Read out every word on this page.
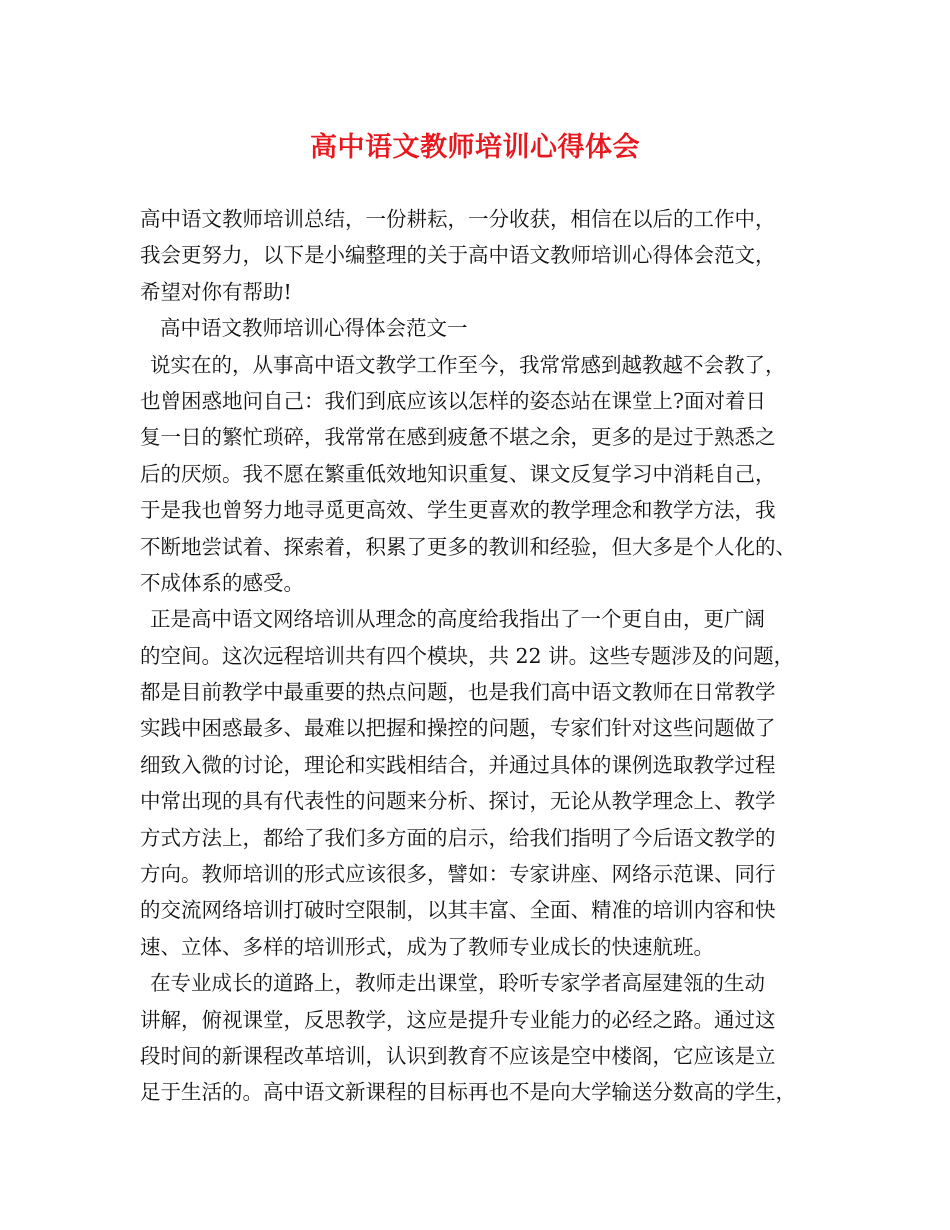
高中语文教师培训心得体会
高中语文教师培训总结，一份耕耘，一分收获，相信在以后的工作中，
我会更努力，以下是小编整理的关于高中语文教师培训心得体会范文，
希望对你有帮助!
高中语文教师培训心得体会范文一
说实在的，从事高中语文教学工作至今，我常常感到越教越不会教了，
也曾困惑地问自己：我们到底应该以怎样的姿态站在课堂上?面对着日
复一日的繁忙琐碎，我常常在感到疲惫不堪之余，更多的是过于熟悉之
后的厌烦。我不愿在繁重低效地知识重复、课文反复学习中消耗自己，
于是我也曾努力地寻觅更高效、学生更喜欢的教学理念和教学方法，我
不断地尝试着、探索着，积累了更多的教训和经验，但大多是个人化的、
不成体系的感受。
正是高中语文网络培训从理念的高度给我指出了一个更自由，更广阔
的空间。这次远程培训共有四个模块，共 22 讲。这些专题涉及的问题，
都是目前教学中最重要的热点问题，也是我们高中语文教师在日常教学
实践中困惑最多、最难以把握和操控的问题，专家们针对这些问题做了
细致入微的讨论，理论和实践相结合，并通过具体的课例选取教学过程
中常出现的具有代表性的问题来分析、探讨，无论从教学理念上、教学
方式方法上，都给了我们多方面的启示，给我们指明了今后语文教学的
方向。教师培训的形式应该很多，譬如：专家讲座、网络示范课、同行
的交流网络培训打破时空限制，以其丰富、全面、精准的培训内容和快
速、立体、多样的培训形式，成为了教师专业成长的快速航班。
在专业成长的道路上，教师走出课堂，聆听专家学者高屋建瓴的生动
讲解，俯视课堂，反思教学，这应是提升专业能力的必经之路。通过这
段时间的新课程改革培训，认识到教育不应该是空中楼阁，它应该是立
足于生活的。高中语文新课程的目标再也不是向大学输送分数高的学生，
